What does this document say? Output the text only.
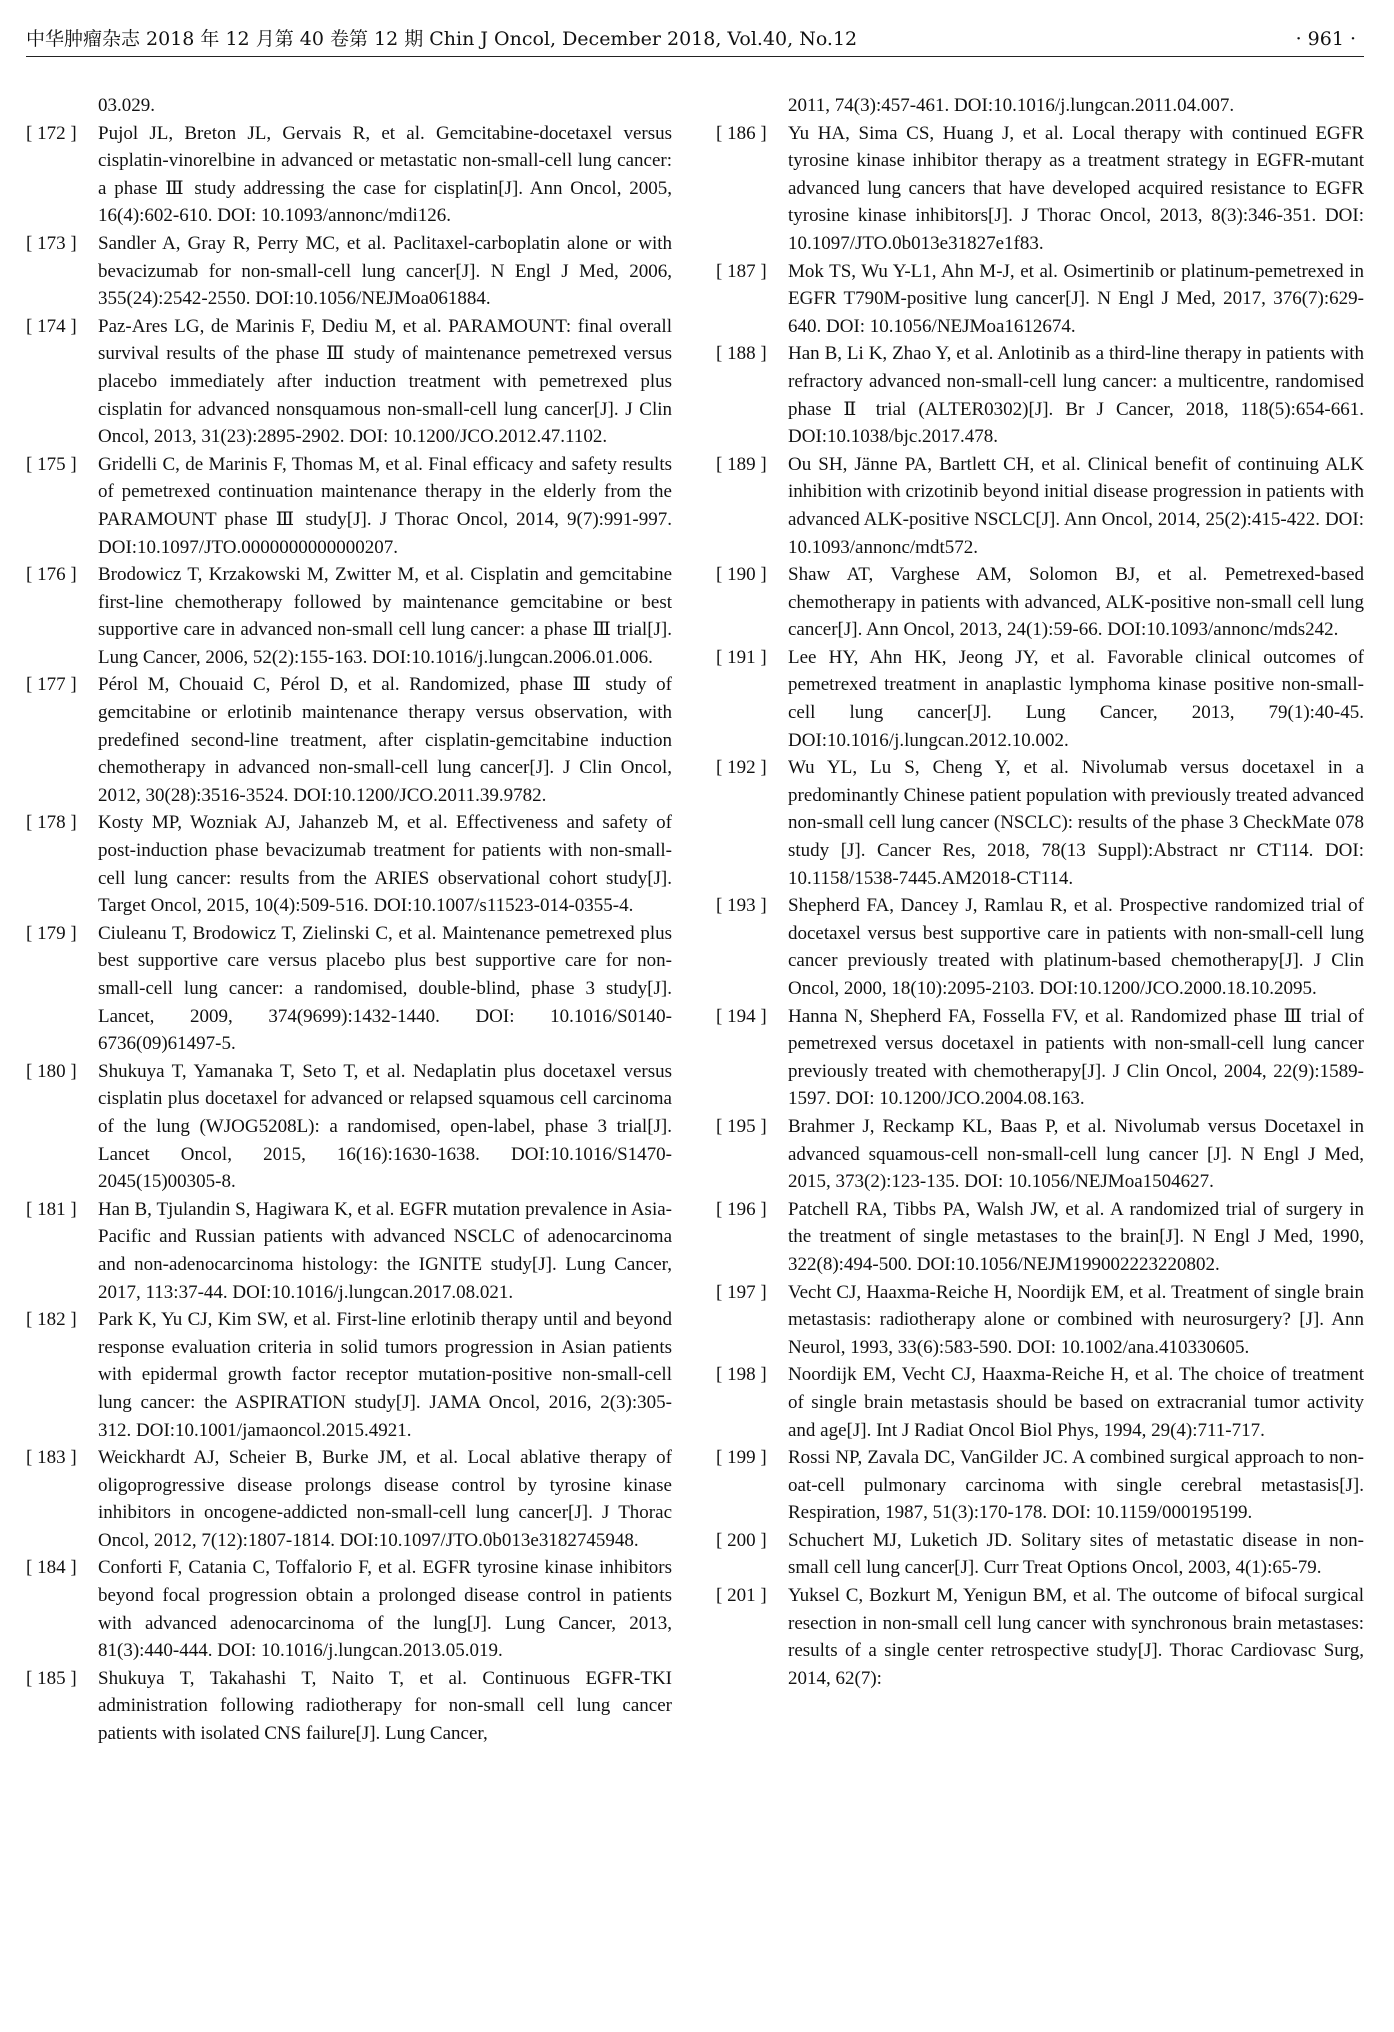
中华肿瘤杂志 2018 年 12 月第 40 卷第 12 期 Chin J Oncol, December 2018, Vol.40, No.12	· 961 ·

03.029.

[ 172 ]	Pujol JL, Breton JL, Gervais R, et al. Gemcitabine-docetaxel versus cisplatin-vinorelbine in advanced or metastatic non-small-cell lung cancer: a phase Ⅲ study addressing the case for cisplatin[J]. Ann Oncol, 2005, 16(4):602-610. DOI: 10.1093/annonc/mdi126.

[ 173 ]	Sandler A, Gray R, Perry MC, et al. Paclitaxel-carboplatin alone or with bevacizumab for non-small-cell lung cancer[J]. N Engl J Med, 2006, 355(24):2542-2550. DOI:10.1056/NEJMoa061884.

[ 174 ]	Paz-Ares LG, de Marinis F, Dediu M, et al. PARAMOUNT: final overall survival results of the phase Ⅲ study of maintenance pemetrexed versus placebo immediately after induction treatment with pemetrexed plus cisplatin for advanced nonsquamous non-small-cell lung cancer[J]. J Clin Oncol, 2013, 31(23):2895-2902. DOI: 10.1200/JCO.2012.47.1102.

[ 175 ]	Gridelli C, de Marinis F, Thomas M, et al. Final efficacy and safety results of pemetrexed continuation maintenance therapy in the elderly from the PARAMOUNT phase Ⅲ study[J]. J Thorac Oncol, 2014, 9(7):991-997. DOI:10.1097/JTO.0000000000000207.

[ 176 ]	Brodowicz T, Krzakowski M, Zwitter M, et al. Cisplatin and gemcitabine first-line chemotherapy followed by maintenance gemcitabine or best supportive care in advanced non-small cell lung cancer: a phase Ⅲ trial[J]. Lung Cancer, 2006, 52(2):155-163. DOI:10.1016/j.lungcan.2006.01.006.

[ 177 ]	Pérol M, Chouaid C, Pérol D, et al. Randomized, phase Ⅲ study of gemcitabine or erlotinib maintenance therapy versus observation, with predefined second-line treatment, after cisplatin-gemcitabine induction chemotherapy in advanced non-small-cell lung cancer[J]. J Clin Oncol, 2012, 30(28):3516-3524. DOI:10.1200/JCO.2011.39.9782.

[ 178 ]	Kosty MP, Wozniak AJ, Jahanzeb M, et al. Effectiveness and safety of post-induction phase bevacizumab treatment for patients with non-small-cell lung cancer: results from the ARIES observational cohort study[J]. Target Oncol, 2015, 10(4):509-516. DOI:10.1007/s11523-014-0355-4.

[ 179 ]	Ciuleanu T, Brodowicz T, Zielinski C, et al. Maintenance pemetrexed plus best supportive care versus placebo plus best supportive care for non-small-cell lung cancer: a randomised, double-blind, phase 3 study[J]. Lancet, 2009, 374(9699):1432-1440. DOI: 10.1016/S0140-6736(09)61497-5.

[ 180 ]	Shukuya T, Yamanaka T, Seto T, et al. Nedaplatin plus docetaxel versus cisplatin plus docetaxel for advanced or relapsed squamous cell carcinoma of the lung (WJOG5208L): a randomised, open-label, phase 3 trial[J]. Lancet Oncol, 2015, 16(16):1630-1638. DOI:10.1016/S1470-2045(15)00305-8.

[ 181 ]	Han B, Tjulandin S, Hagiwara K, et al. EGFR mutation prevalence in Asia-Pacific and Russian patients with advanced NSCLC of adenocarcinoma and non-adenocarcinoma histology: the IGNITE study[J]. Lung Cancer, 2017, 113:37-44. DOI:10.1016/j.lungcan.2017.08.021.

[ 182 ]	Park K, Yu CJ, Kim SW, et al. First-line erlotinib therapy until and beyond response evaluation criteria in solid tumors progression in Asian patients with epidermal growth factor receptor mutation-positive non-small-cell lung cancer: the ASPIRATION study[J]. JAMA Oncol, 2016, 2(3):305-312. DOI:10.1001/jamaoncol.2015.4921.

[ 183 ]	Weickhardt AJ, Scheier B, Burke JM, et al. Local ablative therapy of oligoprogressive disease prolongs disease control by tyrosine kinase inhibitors in oncogene-addicted non-small-cell lung cancer[J]. J Thorac Oncol, 2012, 7(12):1807-1814. DOI:10.1097/JTO.0b013e3182745948.

[ 184 ]	Conforti F, Catania C, Toffalorio F, et al. EGFR tyrosine kinase inhibitors beyond focal progression obtain a prolonged disease control in patients with advanced adenocarcinoma of the lung[J]. Lung Cancer, 2013, 81(3):440-444. DOI: 10.1016/j.lungcan.2013.05.019.

[ 185 ]	Shukuya T, Takahashi T, Naito T, et al. Continuous EGFR-TKI administration following radiotherapy for non-small cell lung cancer patients with isolated CNS failure[J]. Lung Cancer,

2011, 74(3):457-461. DOI:10.1016/j.lungcan.2011.04.007.

[ 186 ]	Yu HA, Sima CS, Huang J, et al. Local therapy with continued EGFR tyrosine kinase inhibitor therapy as a treatment strategy in EGFR-mutant advanced lung cancers that have developed acquired resistance to EGFR tyrosine kinase inhibitors[J]. J Thorac Oncol, 2013, 8(3):346-351. DOI: 10.1097/JTO.0b013e31827e1f83.

[ 187 ]	Mok TS, Wu Y-L1, Ahn M-J, et al. Osimertinib or platinum-pemetrexed in EGFR T790M-positive lung cancer[J]. N Engl J Med, 2017, 376(7):629-640. DOI: 10.1056/NEJMoa1612674.

[ 188 ]	Han B, Li K, Zhao Y, et al. Anlotinib as a third-line therapy in patients with refractory advanced non-small-cell lung cancer: a multicentre, randomised phase Ⅱ trial (ALTER0302)[J]. Br J Cancer, 2018, 118(5):654-661. DOI:10.1038/bjc.2017.478.

[ 189 ]	Ou SH, Jänne PA, Bartlett CH, et al. Clinical benefit of continuing ALK inhibition with crizotinib beyond initial disease progression in patients with advanced ALK-positive NSCLC[J]. Ann Oncol, 2014, 25(2):415-422. DOI: 10.1093/annonc/mdt572.

[ 190 ]	Shaw AT, Varghese AM, Solomon BJ, et al. Pemetrexed-based chemotherapy in patients with advanced, ALK-positive non-small cell lung cancer[J]. Ann Oncol, 2013, 24(1):59-66. DOI:10.1093/annonc/mds242.

[ 191 ]	Lee HY, Ahn HK, Jeong JY, et al. Favorable clinical outcomes of pemetrexed treatment in anaplastic lymphoma kinase positive non-small-cell lung cancer[J]. Lung Cancer, 2013, 79(1):40-45. DOI:10.1016/j.lungcan.2012.10.002.

[ 192 ]	Wu YL, Lu S, Cheng Y, et al. Nivolumab versus docetaxel in a predominantly Chinese patient population with previously treated advanced non-small cell lung cancer (NSCLC): results of the phase 3 CheckMate 078 study [J]. Cancer Res, 2018, 78(13 Suppl):Abstract nr CT114. DOI: 10.1158/1538-7445.AM2018-CT114.

[ 193 ]	Shepherd FA, Dancey J, Ramlau R, et al. Prospective randomized trial of docetaxel versus best supportive care in patients with non-small-cell lung cancer previously treated with platinum-based chemotherapy[J]. J Clin Oncol, 2000, 18(10):2095-2103. DOI:10.1200/JCO.2000.18.10.2095.

[ 194 ]	Hanna N, Shepherd FA, Fossella FV, et al. Randomized phase Ⅲ trial of pemetrexed versus docetaxel in patients with non-small-cell lung cancer previously treated with chemotherapy[J]. J Clin Oncol, 2004, 22(9):1589-1597. DOI: 10.1200/JCO.2004.08.163.

[ 195 ]	Brahmer J, Reckamp KL, Baas P, et al. Nivolumab versus Docetaxel in advanced squamous-cell non-small-cell lung cancer [J]. N Engl J Med, 2015, 373(2):123-135. DOI: 10.1056/NEJMoa1504627.

[ 196 ]	Patchell RA, Tibbs PA, Walsh JW, et al. A randomized trial of surgery in the treatment of single metastases to the brain[J]. N Engl J Med, 1990, 322(8):494-500. DOI:10.1056/NEJM199002223220802.

[ 197 ]	Vecht CJ, Haaxma-Reiche H, Noordijk EM, et al. Treatment of single brain metastasis: radiotherapy alone or combined with neurosurgery? [J]. Ann Neurol, 1993, 33(6):583-590. DOI: 10.1002/ana.410330605.

[ 198 ]	Noordijk EM, Vecht CJ, Haaxma-Reiche H, et al. The choice of treatment of single brain metastasis should be based on extracranial tumor activity and age[J]. Int J Radiat Oncol Biol Phys, 1994, 29(4):711-717.

[ 199 ]	Rossi NP, Zavala DC, VanGilder JC. A combined surgical approach to non-oat-cell pulmonary carcinoma with single cerebral metastasis[J]. Respiration, 1987, 51(3):170-178. DOI: 10.1159/000195199.

[ 200 ]	Schuchert MJ, Luketich JD. Solitary sites of metastatic disease in non-small cell lung cancer[J]. Curr Treat Options Oncol, 2003, 4(1):65-79.

[ 201 ]	Yuksel C, Bozkurt M, Yenigun BM, et al. The outcome of bifocal surgical resection in non-small cell lung cancer with synchronous brain metastases: results of a single center retrospective study[J]. Thorac Cardiovasc Surg, 2014, 62(7):
